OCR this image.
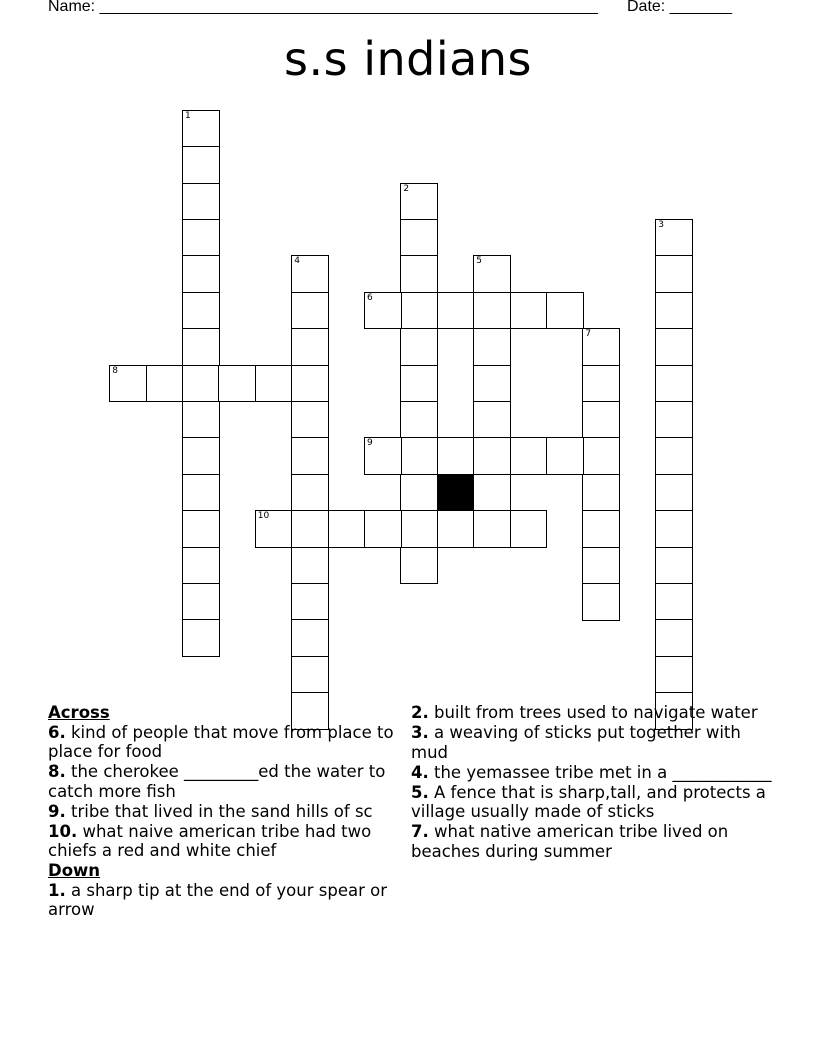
Name: ________________________________________________________ Date: _______
s.s indians
1
2
3
4	5
6
7
8
9
10
Across
6. kind of people that move from place to place for food
8. the cherokee _________ed the water to catch more fish
9. tribe that lived in the sand hills of sc
10. what naive american tribe had two chiefs a red and white chief
Down
1. a sharp tip at the end of your spear or arrow
2. built from trees used to navigate water
3. a weaving of sticks put together with mud
4. the yemassee tribe met in a ____________
5. A fence that is sharp,tall, and protects a village usually made of sticks
7. what native american tribe lived on beaches during summer
